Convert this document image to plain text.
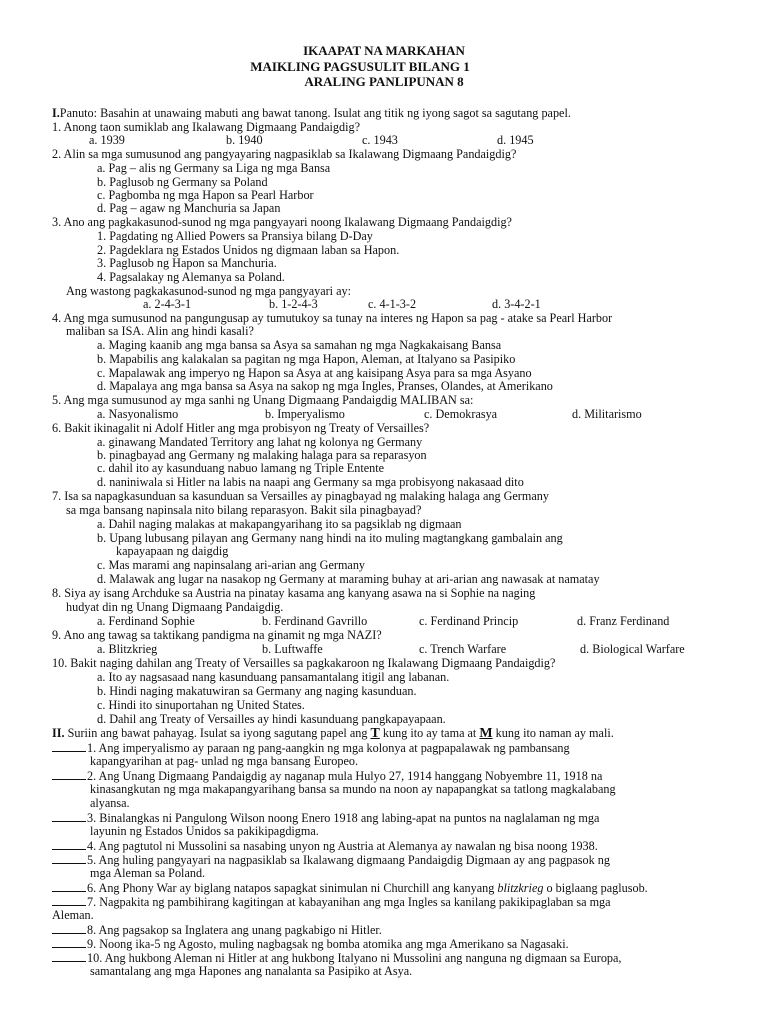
IKAAPAT NA MARKAHAN
MAIKLING PAGSUSULIT BILANG 1
ARALING PANLIPUNAN 8
I.Panuto: Basahin at unawaing mabuti ang bawat tanong. Isulat ang titik ng iyong sagot sa sagutang papel.
1. Anong taon sumiklab ang Ikalawang Digmaang Pandaigdig?
a. 1939	b. 1940	c. 1943	d. 1945
2. Alin sa mga sumusunod ang pangyayaring nagpasiklab sa Ikalawang Digmaang Pandaigdig?
a. Pag – alis ng Germany sa Liga ng mga Bansa
b. Paglusob ng Germany sa Poland
c. Pagbomba ng mga Hapon sa Pearl Harbor
d. Pag – agaw ng Manchuria sa Japan
3. Ano ang pagkakasunod-sunod ng mga pangyayari noong Ikalawang Digmaang Pandaigdig?
1. Pagdating ng Allied Powers sa Pransiya bilang D-Day
2. Pagdeklara ng Estados Unidos ng digmaan laban sa Hapon.
3. Paglusob ng Hapon sa Manchuria.
4. Pagsalakay ng Alemanya sa Poland.
Ang wastong pagkakasunod-sunod ng mga pangyayari ay:
a. 2-4-3-1	b. 1-2-4-3	c. 4-1-3-2	d. 3-4-2-1
4. Ang mga sumusunod na pangungusap ay tumutukoy sa tunay na interes ng Hapon sa pag - atake sa Pearl Harbor
maliban sa ISA. Alin ang hindi kasali?
a. Maging kaanib ang mga bansa sa Asya sa samahan ng mga Nagkakaisang Bansa
b. Mapabilis ang kalakalan sa pagitan ng mga Hapon, Aleman, at Italyano sa Pasipiko
c. Mapalawak ang imperyo ng Hapon sa Asya at ang kaisipang Asya para sa mga Asyano
d. Mapalaya ang mga bansa sa Asya na sakop ng mga Ingles, Pranses, Olandes, at Amerikano
5. Ang mga sumusunod ay mga sanhi ng Unang Digmaang Pandaigdig MALIBAN sa:
a. Nasyonalismo	b. Imperyalismo	c. Demokrasya	d. Militarismo
6. Bakit ikinagalit ni Adolf Hitler ang mga probisyon ng Treaty of Versailles?
a. ginawang Mandated Territory ang lahat ng kolonya ng Germany
b. pinagbayad ang Germany ng malaking halaga para sa reparasyon
c. dahil ito ay kasunduang nabuo lamang ng Triple Entente
d. naniniwala si Hitler na labis na naapi ang Germany sa mga probisyong nakasaad dito
7. Isa sa napagkasunduan sa kasunduan sa Versailles ay pinagbayad ng malaking halaga ang Germany
sa mga bansang napinsala nito bilang reparasyon. Bakit sila pinagbayad?
a. Dahil naging malakas at makapangyarihang ito sa pagsiklab ng digmaan
b. Upang lubusang pilayan ang Germany nang hindi na ito muling magtangkang gambalain ang
kapayapaan ng daigdig
c. Mas marami ang napinsalang ari-arian ang Germany
d. Malawak ang lugar na nasakop ng Germany at maraming buhay at ari-arian ang nawasak at namatay
8. Siya ay isang Archduke sa Austria na pinatay kasama ang kanyang asawa na si Sophie na naging
hudyat din ng Unang Digmaang Pandaigdig.
a. Ferdinand Sophie	b. Ferdinand Gavrillo	c. Ferdinand Princip	d. Franz Ferdinand
9. Ano ang tawag sa taktikang pandigma na ginamit ng mga NAZI?
a. Blitzkrieg	b. Luftwaffe	c. Trench Warfare	d. Biological Warfare
10. Bakit naging dahilan ang Treaty of Versailles sa pagkakaroon ng Ikalawang Digmaang Pandaigdig?
a. Ito ay nagsasaad nang kasunduang pansamantalang itigil ang labanan.
b. Hindi naging makatuwiran sa Germany ang naging kasunduan.
c. Hindi ito sinuportahan ng United States.
d. Dahil ang Treaty of Versailles ay hindi kasunduang pangkapayapaan.
II. Suriin ang bawat pahayag. Isulat sa iyong sagutang papel ang T kung ito ay tama at M kung ito naman ay mali.
1. Ang imperyalismo ay paraan ng pang-aangkin ng mga kolonya at pagpapalawak ng pambansang
kapangyarihan at pag- unlad ng mga bansang Europeo.
2. Ang Unang Digmaang Pandaigdig ay naganap mula Hulyo 27, 1914 hanggang Nobyembre 11, 1918 na
kinasangkutan ng mga makapangyarihang bansa sa mundo na noon ay napapangkat sa tatlong magkalabang
alyansa.
3. Binalangkas ni Pangulong Wilson noong Enero 1918 ang labing-apat na puntos na naglalaman ng mga
layunin ng Estados Unidos sa pakikipagdigma.
4. Ang pagtutol ni Mussolini sa nasabing unyon ng Austria at Alemanya ay nawalan ng bisa noong 1938.
5. Ang huling pangyayari na nagpasiklab sa Ikalawang digmaang Pandaigdig Digmaan ay ang pagpasok ng
mga Aleman sa Poland.
6. Ang Phony War ay biglang natapos sapagkat sinimulan ni Churchill ang kanyang blitzkrieg o biglaang paglusob.
7. Nagpakita ng pambihirang kagitingan at kabayanihan ang mga Ingles sa kanilang pakikipaglaban sa mga
Aleman.
8. Ang pagsakop sa Inglatera ang unang pagkabigo ni Hitler.
9. Noong ika-5 ng Agosto, muling nagbagsak ng bomba atomika ang mga Amerikano sa Nagasaki.
10. Ang hukbong Aleman ni Hitler at ang hukbong Italyano ni Mussolini ang nanguna ng digmaan sa Europa,
samantalang ang mga Hapones ang nanalanta sa Pasipiko at Asya.
